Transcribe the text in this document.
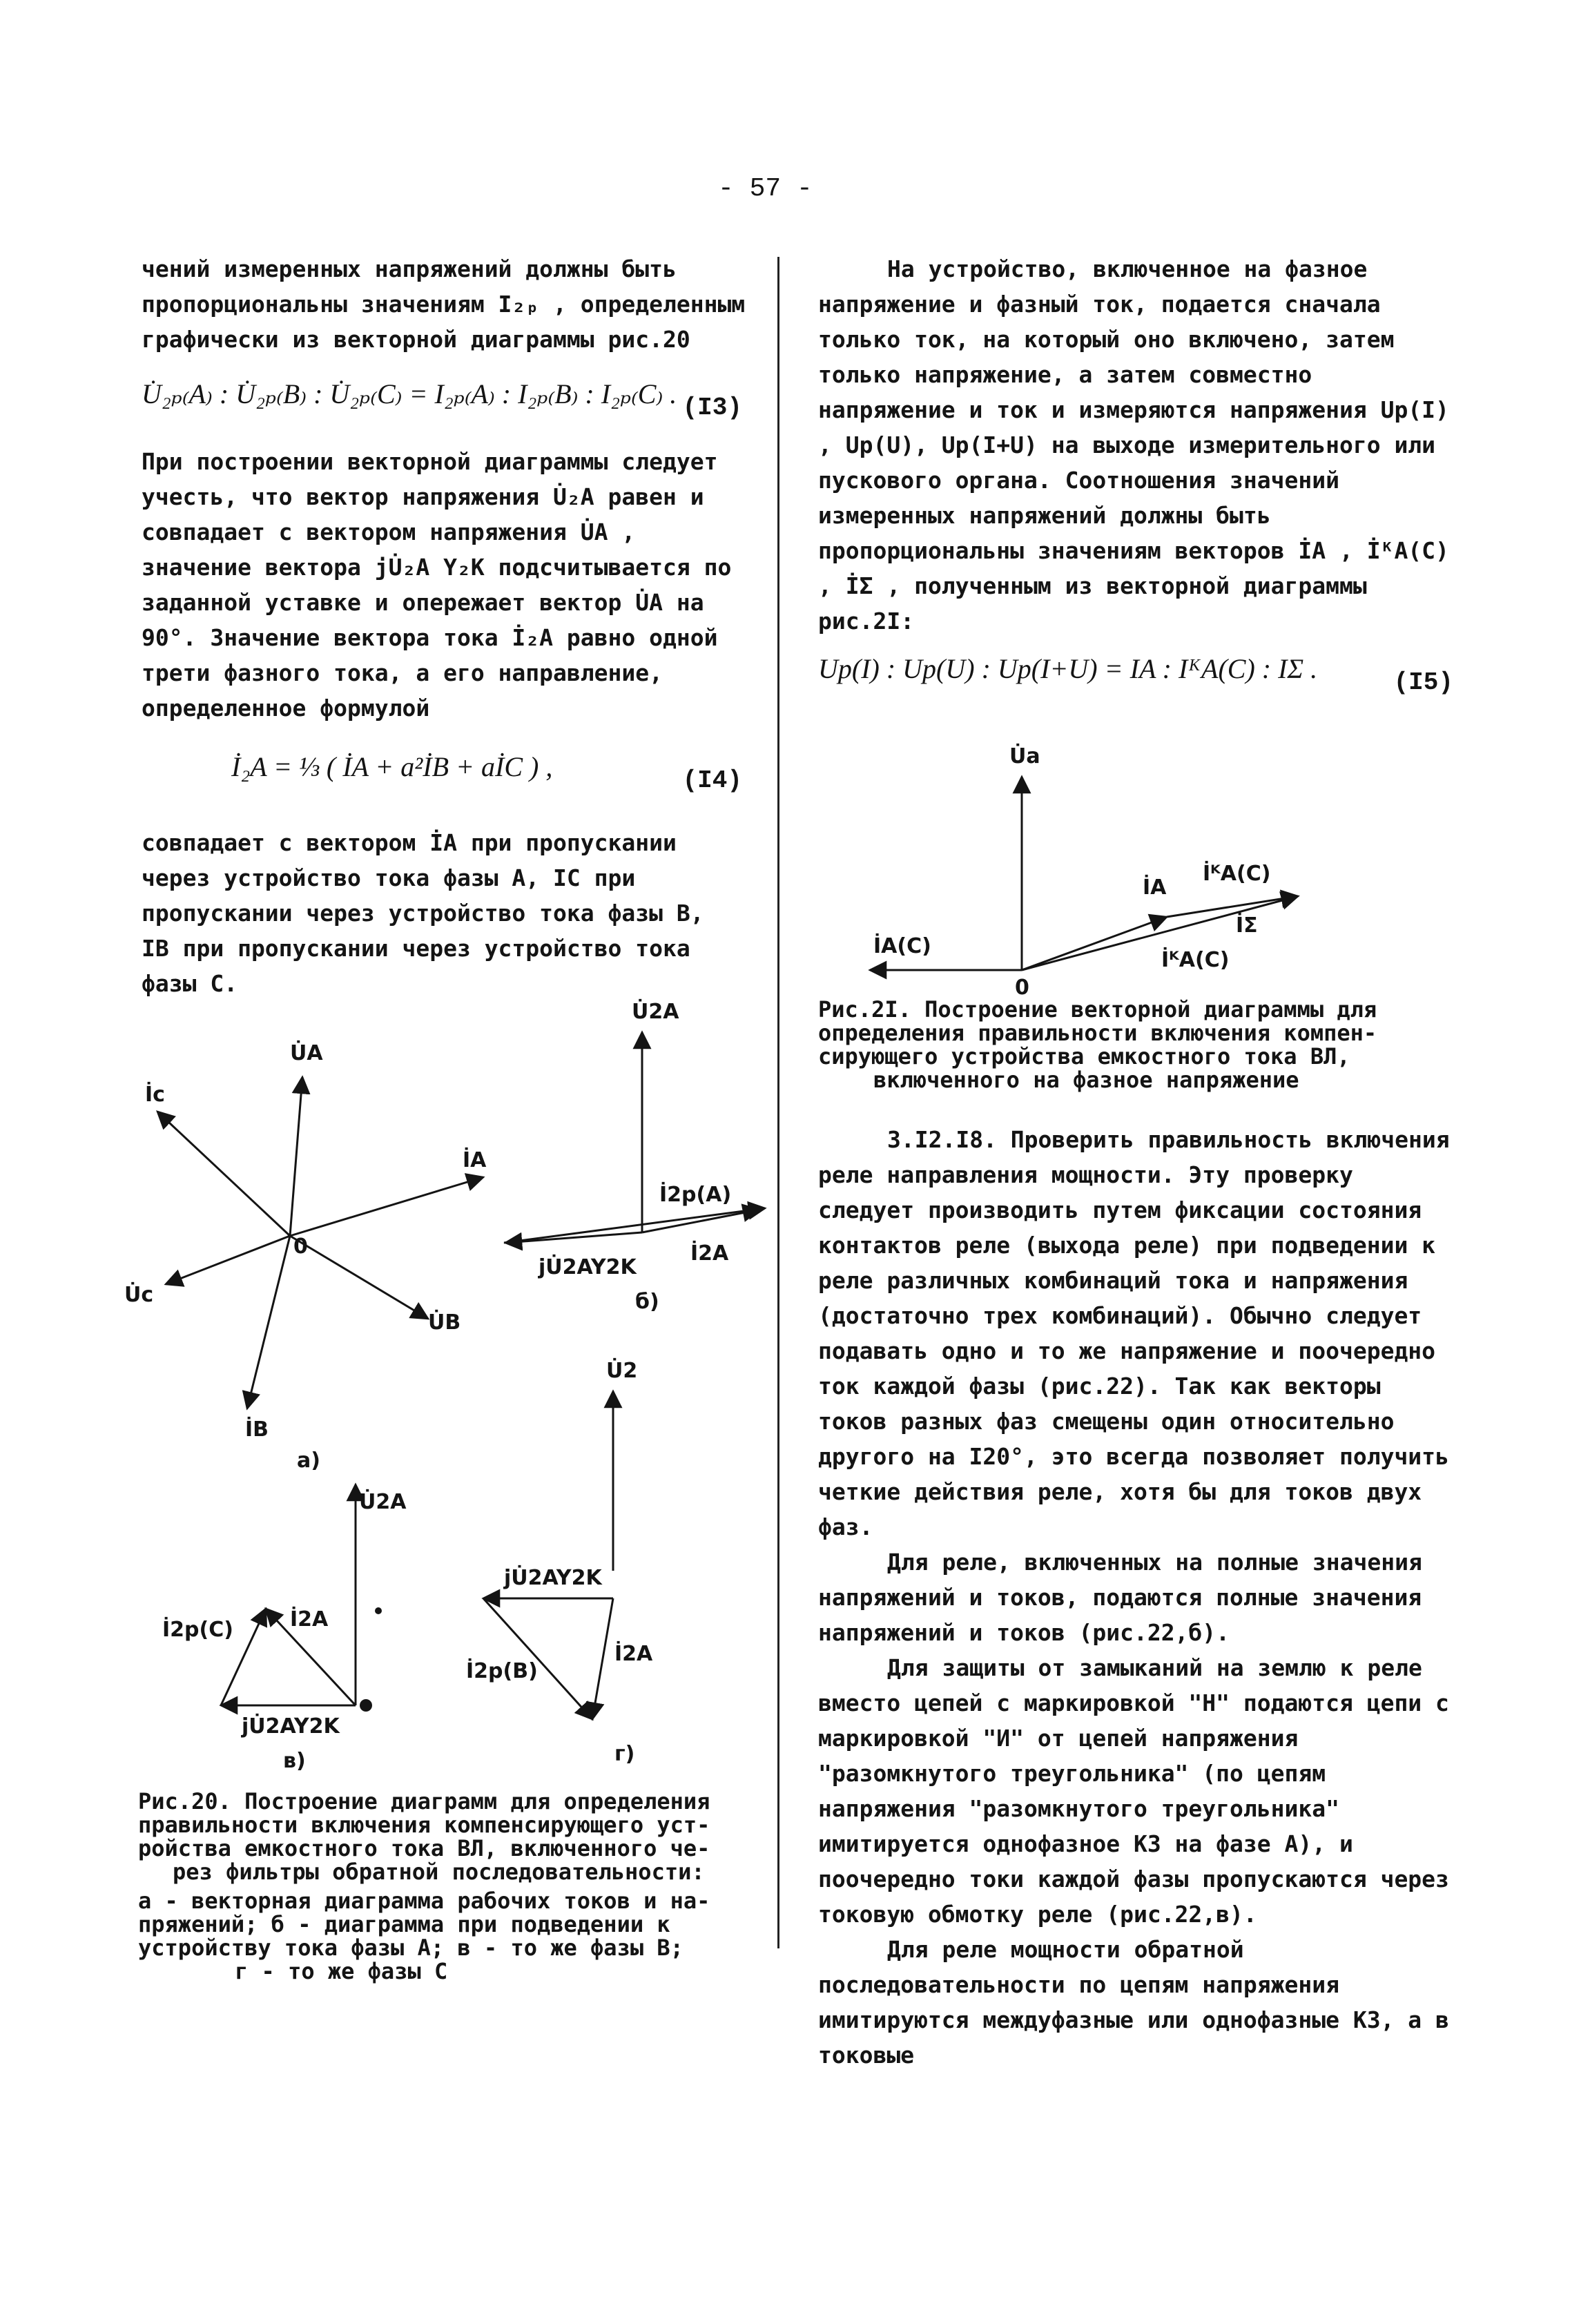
- 57 -

чений измеренных напряжений должны быть пропорциональны значениям I₂ₚ , определенным графически из векторной диаграммы рис.20

U̇₂ₚ₍A₎ : U̇₂ₚ₍B₎ : U̇₂ₚ₍C₎ = I₂ₚ₍A₎ : I₂ₚ₍B₎ : I₂ₚ₍C₎ . (I3)

При построении векторной диаграммы следует учесть, что вектор напряжения U̇₂A равен и совпадает с вектором напряжения U̇A , значение вектора jU̇₂A Y₂K подсчитывается по заданной уставке и опережает вектор U̇A на 90°. Значение вектора тока İ₂A равно одной трети фазного тока, а его направление, определенное формулой

İ₂A = ⅓ ( İA + a²İB + aİC ) ,	(I4)

совпадает с вектором İA при пропускании через устройство тока фазы А, IC при пропускании через устройство тока фазы В, IB при пропускании через устройство тока фазы С.

U̇A
İc
İA
U̇c
U̇B
İB
0
а)
U̇2A
İ2p(A)
jU̇2AY2K
İ2A
б)
U̇2
jU̇2AY2K
İ2p(B)
İ2A
г)
U̇2A
İ2p(C)	İ2A
jU̇2AY2K
в)
U̇a
İA
İᴷA(C)
İA(C)
İΣ
İᴷA(C)
0
Рис.20. Построение диаграмм для определения
правильности включения компенсирующего уст-
ройства емкостного тока ВЛ, включенного че-
рез фильтры обратной последовательности:
а - векторная диаграмма рабочих токов и на-
пряжений; б - диаграмма при подведении к
устройству тока фазы А; в - то же фазы В;
г - то же фазы С

На устройство, включенное на фазное напряжение и фазный ток, подается сначала только ток, на который оно включено, затем только напряжение, а затем совместно напряжение и ток и измеряются напряжения Uр(I) , Uр(U), Uр(I+U) на выходе измерительного или пускового органа. Соотношения значений измеренных напряжений должны быть пропорциональны значениям векторов İA , İᴷA(C) , İΣ , полученным из векторной диаграммы рис.2I:

Uр(I) : Uр(U) : Uр(I+U) = IA : IᴷA(C) : IΣ .	(I5)
Рис.2I. Построение векторной диаграммы для
определения правильности включения компен-
сирующего устройства емкостного тока ВЛ,
включенного на фазное напряжение

3.I2.I8. Проверить правильность включения реле направления мощности. Эту проверку следует производить путем фиксации состояния контактов реле (выхода реле) при подведении к реле различных комбинаций тока и напряжения (достаточно трех комбинаций). Обычно следует подавать одно и то же напряжение и поочередно ток каждой фазы (рис.22). Так как векторы токов разных фаз смещены один относительно другого на I20°, это всегда позволяет получить четкие действия реле, хотя бы для токов двух фаз.

Для реле, включенных на полные значения напряжений и токов, подаются полные значения напряжений и токов (рис.22,б).

Для защиты от замыканий на землю к реле вместо цепей с маркировкой "Н" подаются цепи с маркировкой "И" от цепей напряжения "разомкнутого треугольника" (по цепям напряжения "разомкнутого треугольника" имитируется однофазное КЗ на фазе А), и поочередно токи каждой фазы пропускаются через токовую обмотку реле (рис.22,в).

Для реле мощности обратной последовательности по цепям напряжения имитируются междуфазные или однофазные КЗ, а в токовые
